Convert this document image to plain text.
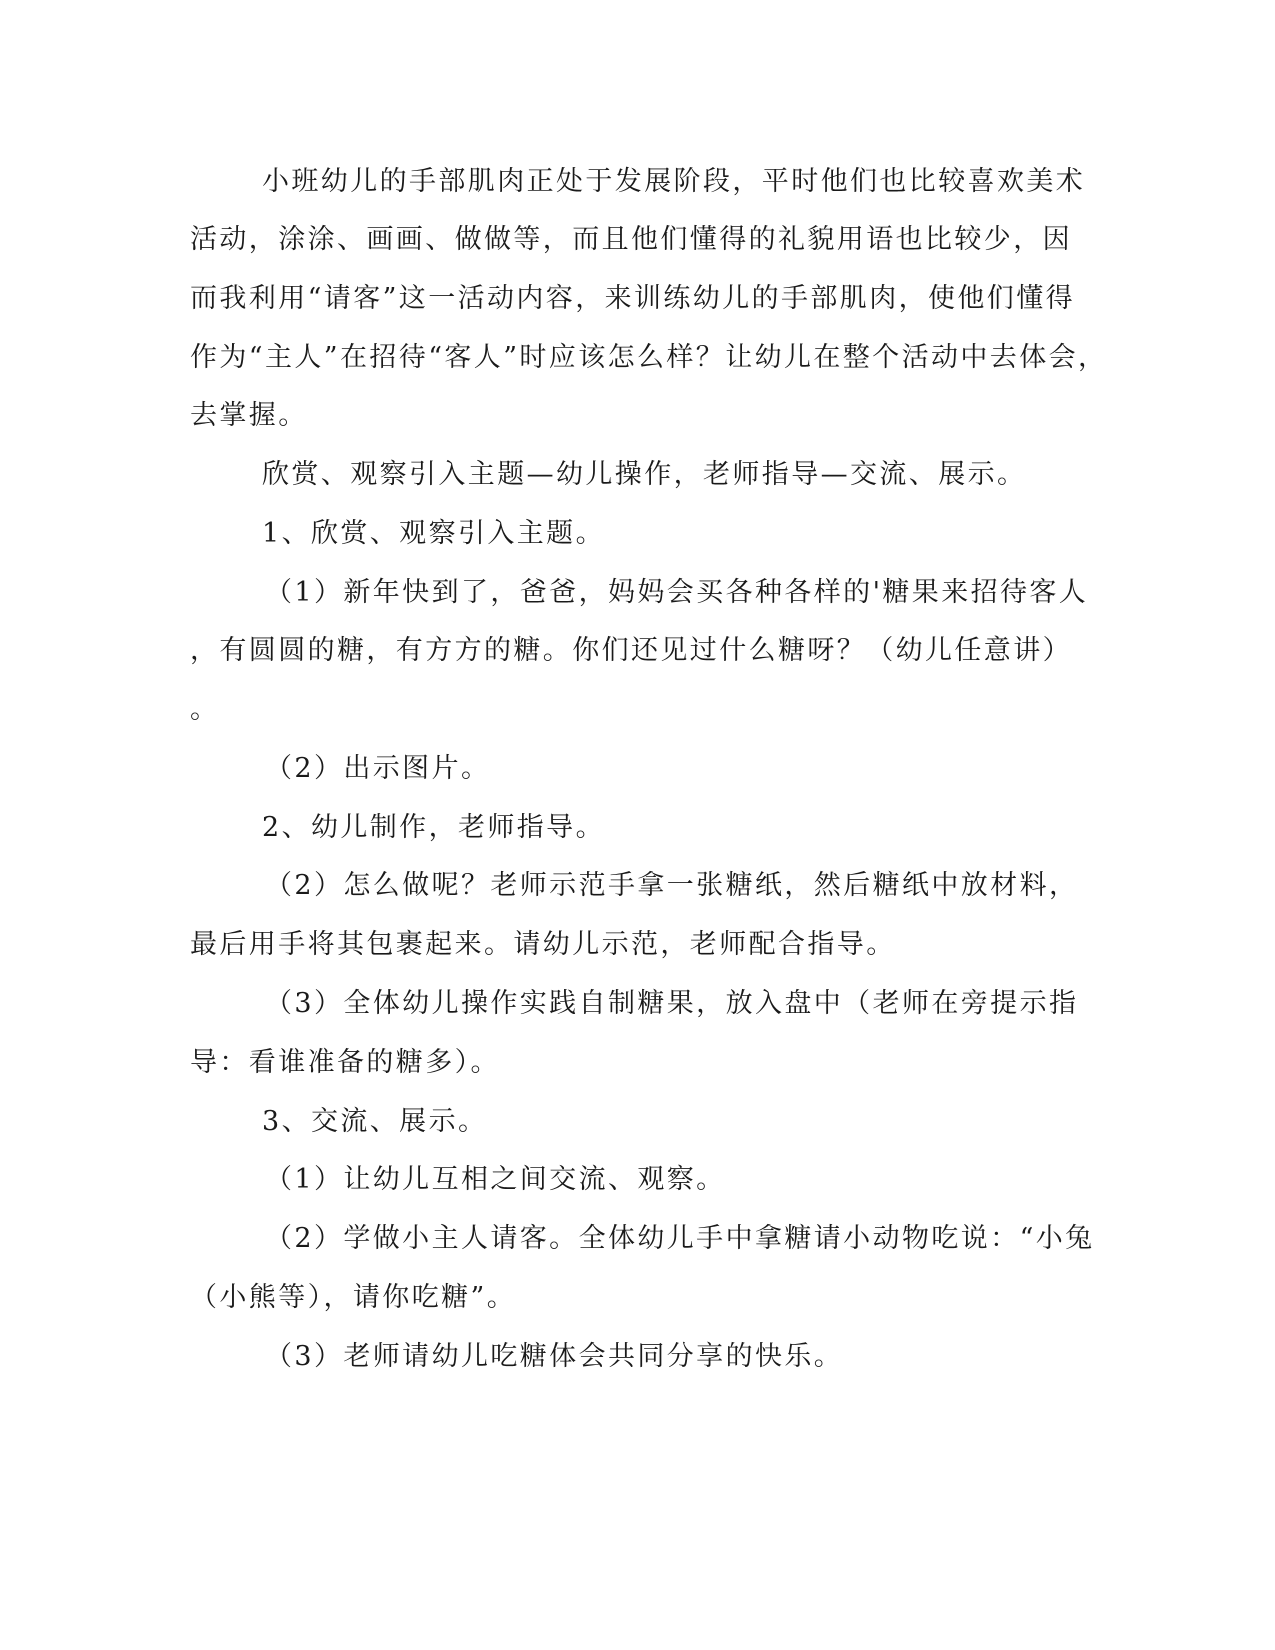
小班幼儿的手部肌肉正处于发展阶段，平时他们也比较喜欢美术
活动，涂涂、画画、做做等，而且他们懂得的礼貌用语也比较少，因
而我利用“请客”这一活动内容，来训练幼儿的手部肌肉，使他们懂得
作为“主人”在招待“客人”时应该怎么样？让幼儿在整个活动中去体会，
去掌握。
欣赏、观察引入主题—幼儿操作，老师指导—交流、展示。
1、欣赏、观察引入主题。
（1）新年快到了，爸爸，妈妈会买各种各样的'糖果来招待客人
，有圆圆的糖，有方方的糖。你们还见过什么糖呀？（幼儿任意讲）
。
（2）出示图片。
2、幼儿制作，老师指导。
（2）怎么做呢？老师示范手拿一张糖纸，然后糖纸中放材料，
最后用手将其包裹起来。请幼儿示范，老师配合指导。
（3）全体幼儿操作实践自制糖果，放入盘中（老师在旁提示指
导：看谁准备的糖多）。
3、交流、展示。
（1）让幼儿互相之间交流、观察。
（2）学做小主人请客。全体幼儿手中拿糖请小动物吃说：“小兔
（小熊等），请你吃糖”。
（3）老师请幼儿吃糖体会共同分享的快乐。
